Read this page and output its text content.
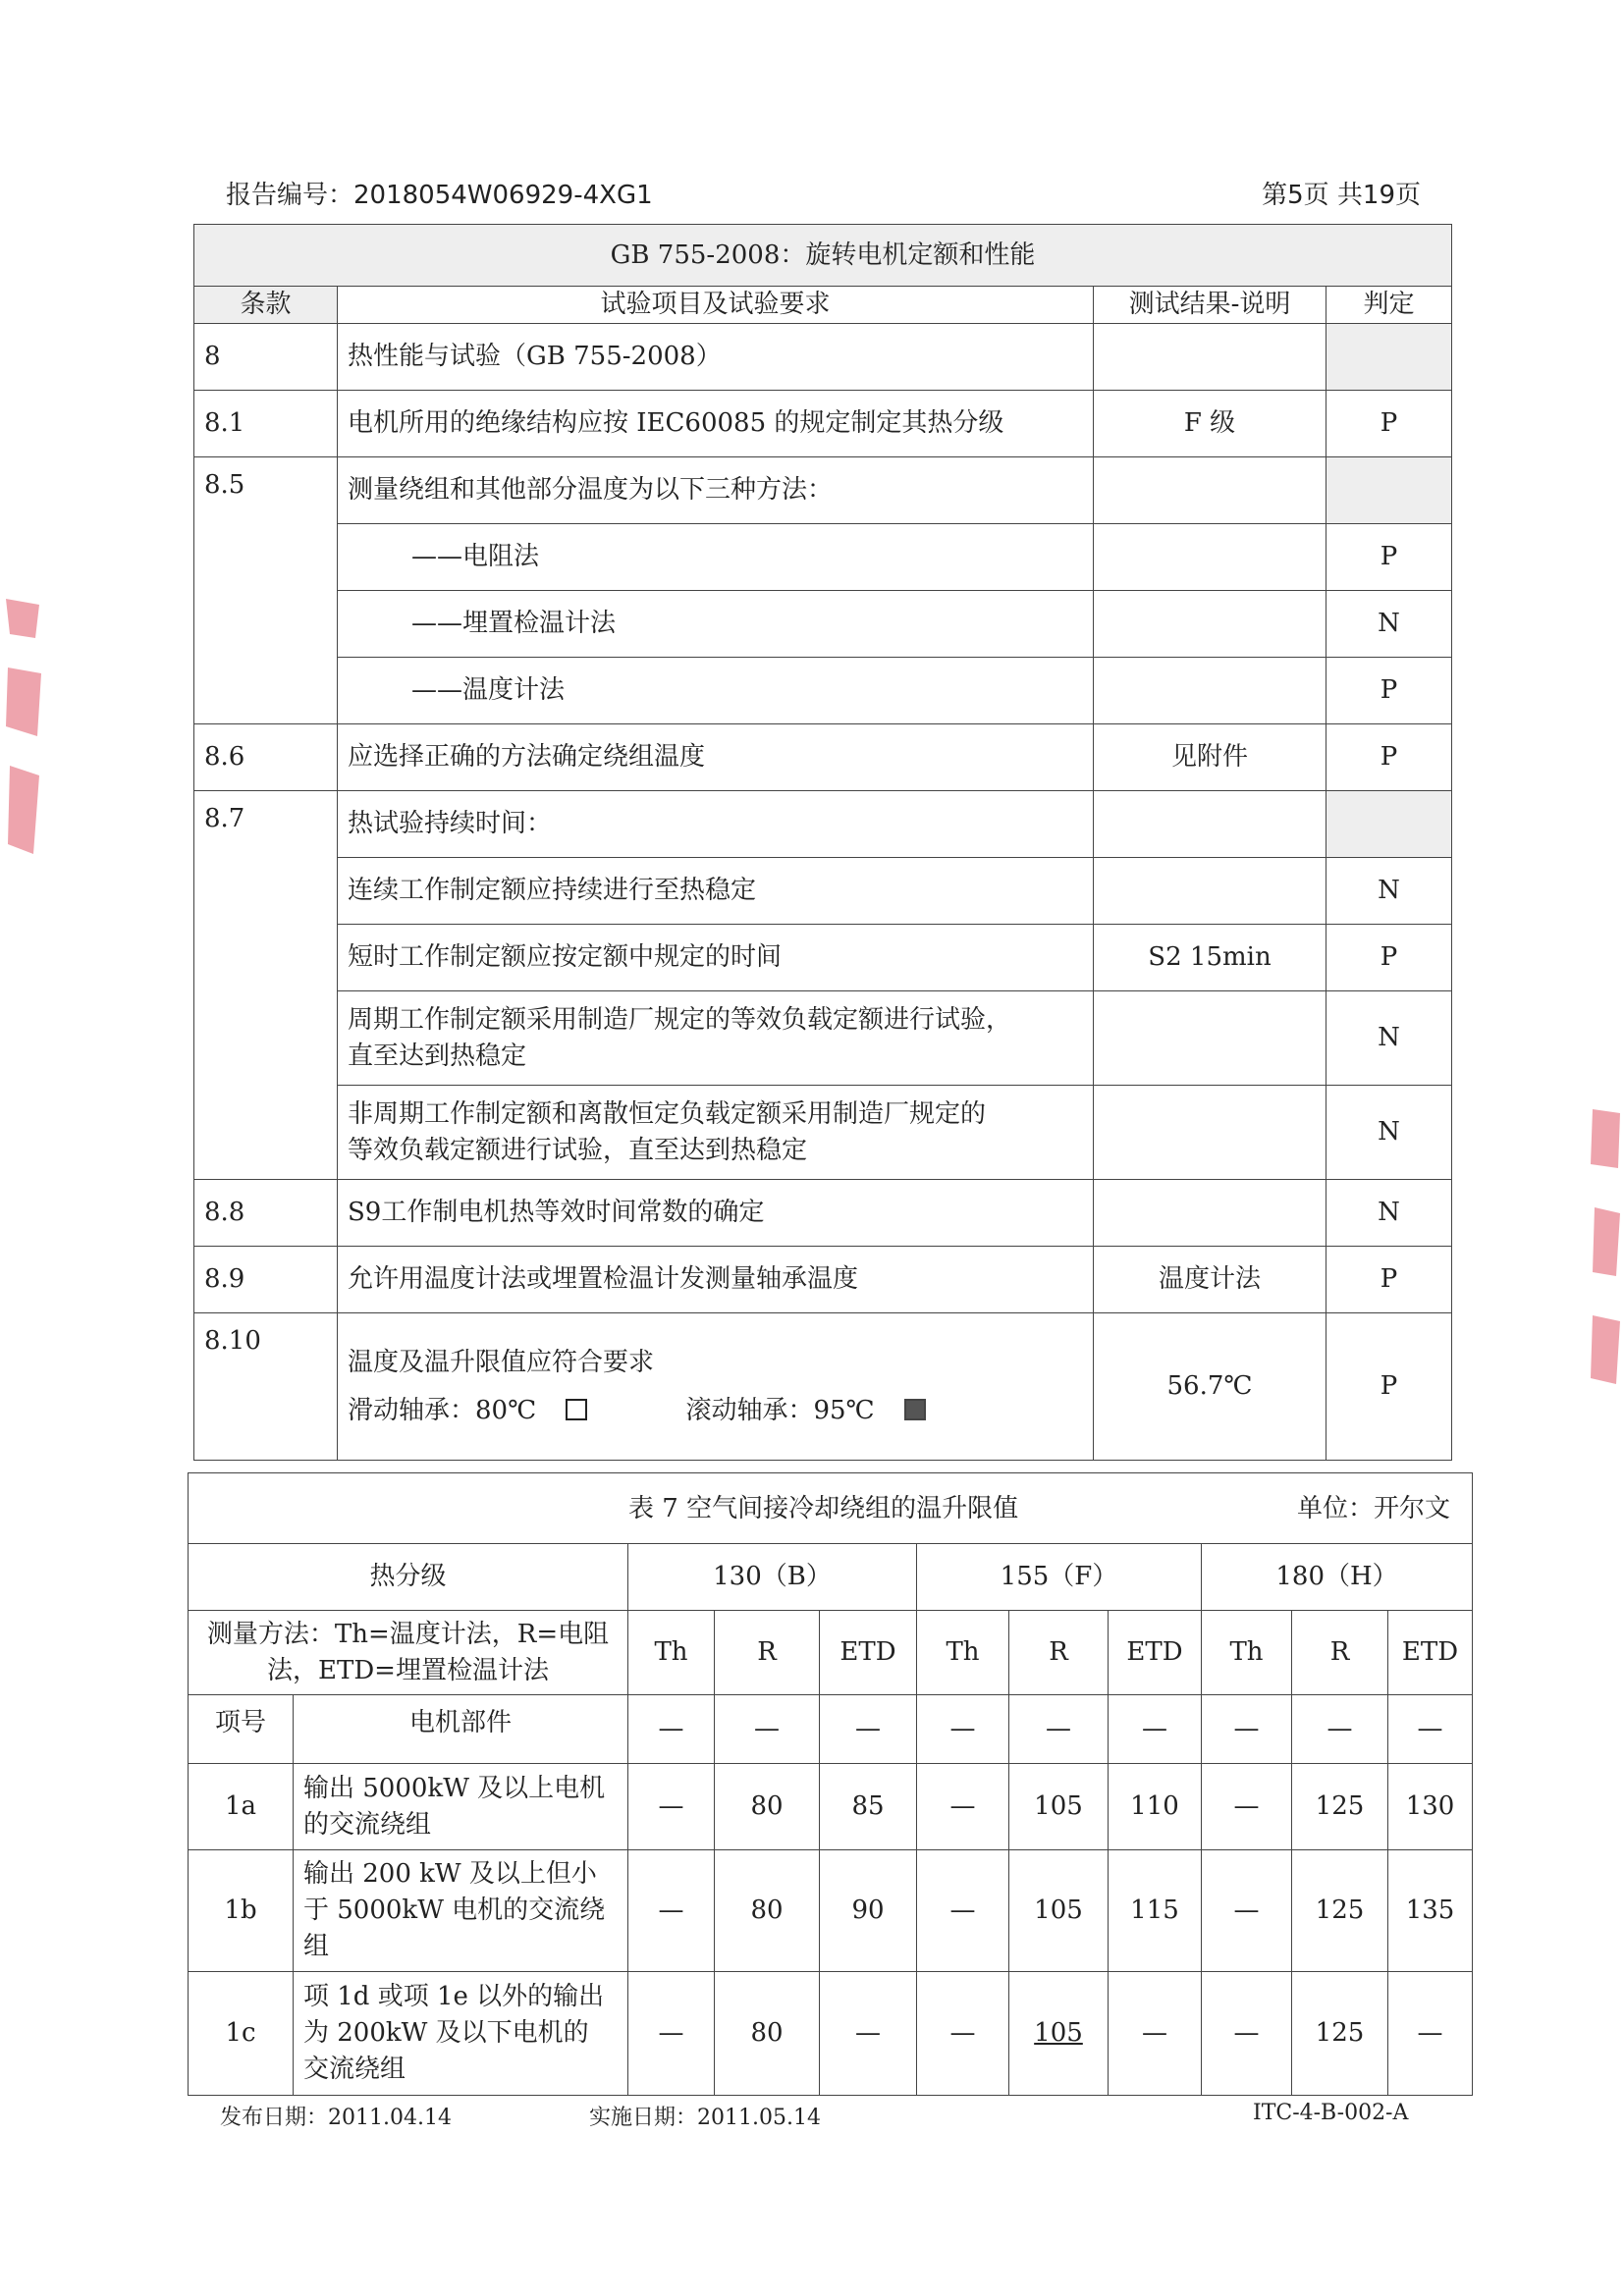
报告编号：2018054W06929-4XG1	第5页 共19页
GB 755-2008：旋转电机定额和性能			
条款	试验项目及试验要求	测试结果-说明	判定
8	热性能与试验（GB 755-2008）		
8.1	电机所用的绝缘结构应按 IEC60085 的规定制定其热分级	F 级	P
8.5	测量绕组和其他部分温度为以下三种方法：		
	——电阻法		P
	——埋置检温计法		N
	——温度计法		P
8.6	应选择正确的方法确定绕组温度	见附件	P
8.7	热试验持续时间：		
	连续工作制定额应持续进行至热稳定		N
	短时工作制定额应按定额中规定的时间	S2 15min	P

	周期工作制定额采用制造厂规定的等效负载定额进行试验，
直至达到热稳定		N

	非周期工作制定额和离散恒定负载定额采用制造厂规定的
等效负载定额进行试验，直至达到热稳定		N
8.8	S9工作制电机热等效时间常数的确定		N
8.9	允许用温度计法或埋置检温计发测量轴承温度	温度计法	P
8.10	温度及温升限值应符合要求
滑动轴承：80℃ 滚动轴承：95℃	56.7℃	P
表 7 空气间接冷却绕组的温升限值 单位：开尔文										

热分级		130（B）			155（F）			180（H）		

测量方法：Th=温度计法，R=电阻
法，ETD=埋置检温计法		Th	R	ETD	Th	R	ETD	Th	R	ETD
项号	电机部件	—	—	—	—	—	—	—	—	—
1a	输出 5000kW 及以上电机
的交流绕组	—	80	85	—	105	110	—	125	130
1b	输出 200 kW 及以上但小
于 5000kW 电机的交流绕
组	—	80	90	—	105	115	—	125	135
1c	项 1d 或项 1e 以外的输出
为 200kW 及以下电机的
交流绕组	—	80	—	—	105	—	—	125	—
发布日期：2011.04.14	实施日期：2011.05.14	ITC-4-B-002-A
